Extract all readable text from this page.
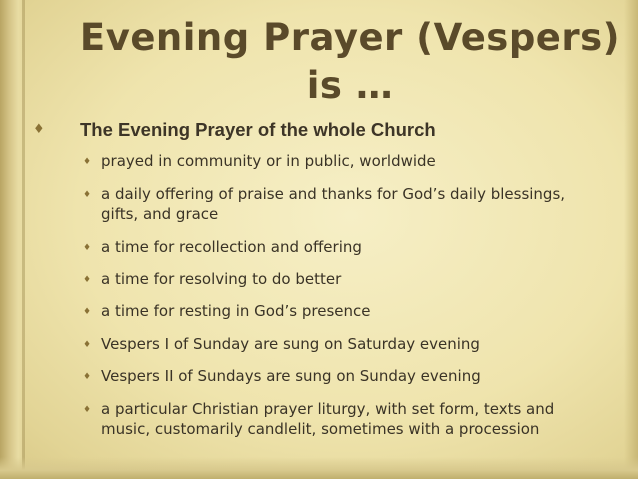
Evening Prayer (Vespers)
is …
♦ The Evening Prayer of the whole Church
♦ prayed in community or in public, worldwide
♦ a daily offering of praise and thanks for God’s daily blessings, gifts, and grace
♦ a time for recollection and offering
♦ a time for resolving to do better
♦ a time for resting in God’s presence
♦ Vespers I of Sunday are sung on Saturday evening
♦ Vespers II of Sundays are sung on Sunday evening
♦ a particular Christian prayer liturgy, with set form, texts and music, customarily candlelit, sometimes with a procession
